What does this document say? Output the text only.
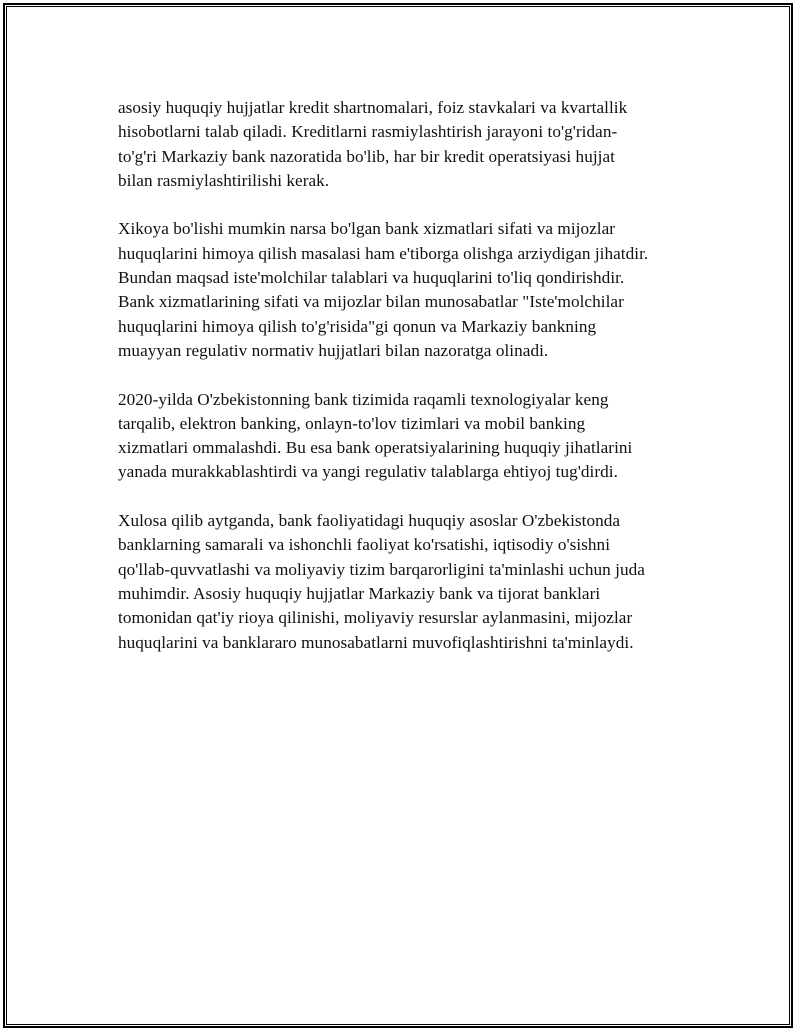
asosiy huquqiy hujjatlar kredit shartnomalari, foiz stavkalari va kvartallik
hisobotlarni talab qiladi. Kreditlarni rasmiylashtirish jarayoni to'g'ridan-
to'g'ri Markaziy bank nazoratida bo'lib, har bir kredit operatsiyasi hujjat
bilan rasmiylashtirilishi kerak.

Xikoya bo'lishi mumkin narsa bo'lgan bank xizmatlari sifati va mijozlar
huquqlarini himoya qilish masalasi ham e'tiborga olishga arziydigan jihatdir.
Bundan maqsad iste'molchilar talablari va huquqlarini to'liq qondirishdir.
Bank xizmatlarining sifati va mijozlar bilan munosabatlar "Iste'molchilar
huquqlarini himoya qilish to'g'risida"gi qonun va Markaziy bankning
muayyan regulativ normativ hujjatlari bilan nazoratga olinadi.

2020-yilda O'zbekistonning bank tizimida raqamli texnologiyalar keng
tarqalib, elektron banking, onlayn-to'lov tizimlari va mobil banking
xizmatlari ommalashdi. Bu esa bank operatsiyalarining huquqiy jihatlarini
yanada murakkablashtirdi va yangi regulativ talablarga ehtiyoj tug'dirdi.

Xulosa qilib aytganda, bank faoliyatidagi huquqiy asoslar O'zbekistonda
banklarning samarali va ishonchli faoliyat ko'rsatishi, iqtisodiy o'sishni
qo'llab-quvvatlashi va moliyaviy tizim barqarorligini ta'minlashi uchun juda
muhimdir. Asosiy huquqiy hujjatlar Markaziy bank va tijorat banklari
tomonidan qat'iy rioya qilinishi, moliyaviy resurslar aylanmasini, mijozlar
huquqlarini va banklararo munosabatlarni muvofiqlashtirishni ta'minlaydi.
